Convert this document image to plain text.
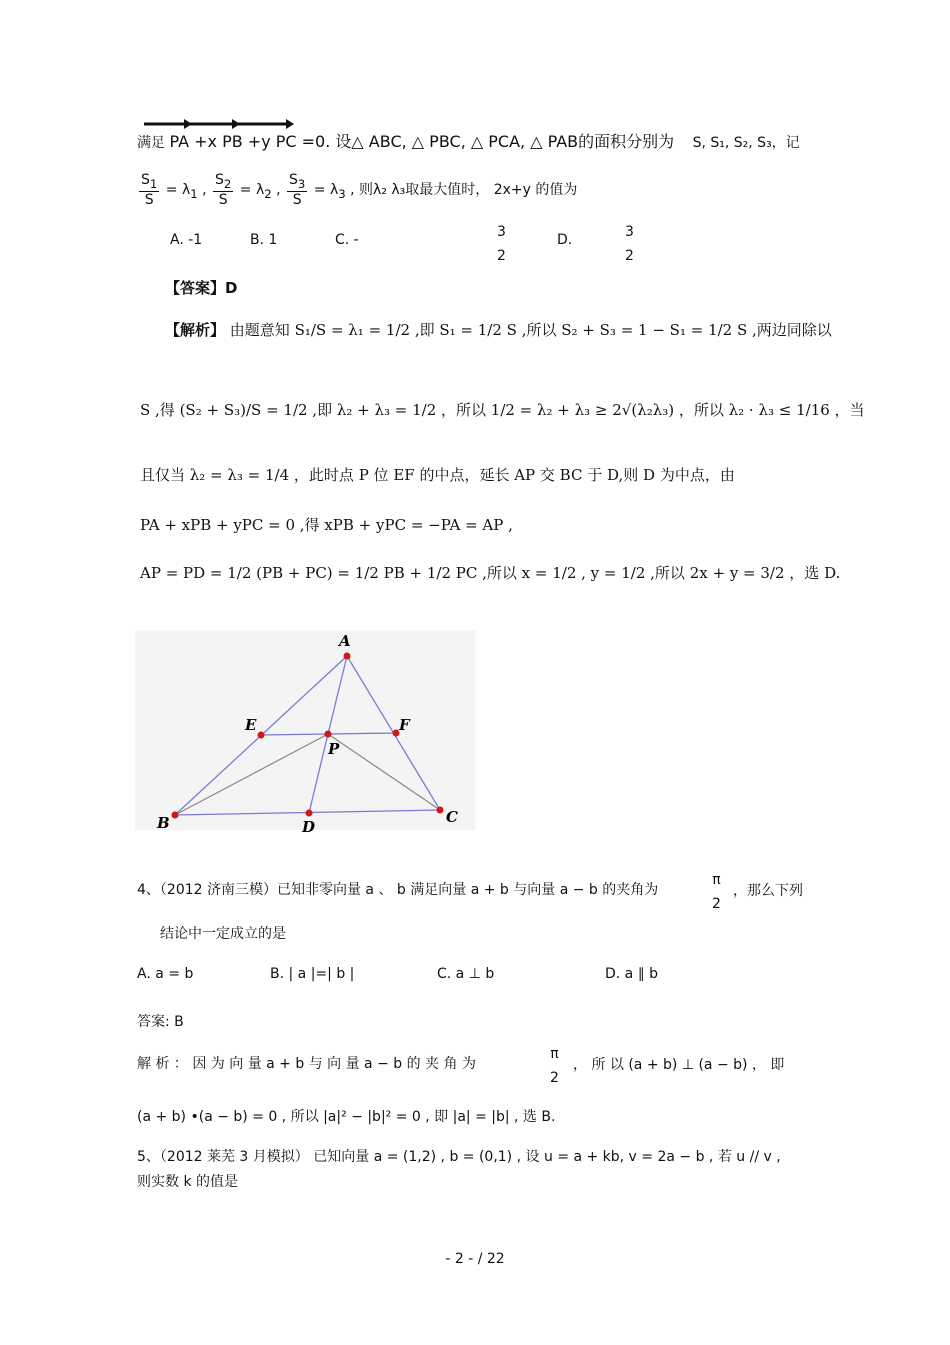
满足 PA +x PB +y PC =0. 设△ ABC, △ PBC, △ PCA, △ PAB的面积分别为 S, S₁, S₂, S₃，记
$\frac{S_1}{S} = \lambda_1$ , $\frac{S_2}{S} = \lambda_2$ , $\frac{S_3}{S} = \lambda_3$ , 则λ₂ λ₃取最大值时， 2x+y 的值为
A. -1	B. 1	C. -	3
2
D.	3
2
【答案】D
【解析】 由题意知 S₁/S = λ₁ = 1/2 ,即 S₁ = 1/2 S ,所以 S₂ + S₃ = 1 − S₁ = 1/2 S ,两边同除以
S ,得 (S₂ + S₃)/S = 1/2 ,即 λ₂ + λ₃ = 1/2 ，所以 1/2 = λ₂ + λ₃ ≥ 2√(λ₂λ₃) ，所以 λ₂ · λ₃ ≤ 1/16 ，当
且仅当 λ₂ = λ₃ = 1/4 ，此时点 P 位 EF 的中点，延长 AP 交 BC 于 D,则 D 为中点，由
PA + xPB + yPC = 0 ,得 xPB + yPC = −PA = AP ,
AP = PD = 1/2 (PB + PC) = 1/2 PB + 1/2 PC ,所以 x = 1/2 , y = 1/2 ,所以 2x + y = 3/2 ，选 D.
A
E	F
P
B	D
C
4、（2012 济南三模）已知非零向量 a 、 b 满足向量 a + b 与向量 a − b 的夹角为
π
2
，那么下列
结论中一定成立的是
A. a = b	B. | a |=| b |	C. a ⊥ b	D. a ∥ b
答案: B
解 析 ： 因 为 向 量 a + b 与 向 量 a − b 的 夹 角 为
π
2
， 所 以 (a + b) ⊥ (a − b) ， 即
(a + b) •(a − b) = 0 , 所以 |a|² − |b|² = 0 , 即 |a| = |b| , 选 B.
5、（2012 莱芜 3 月模拟） 已知向量 a = (1,2) , b = (0,1) , 设 u = a + kb, v = 2a − b , 若 u // v ,
则实数 k 的值是
- 2 - / 22
